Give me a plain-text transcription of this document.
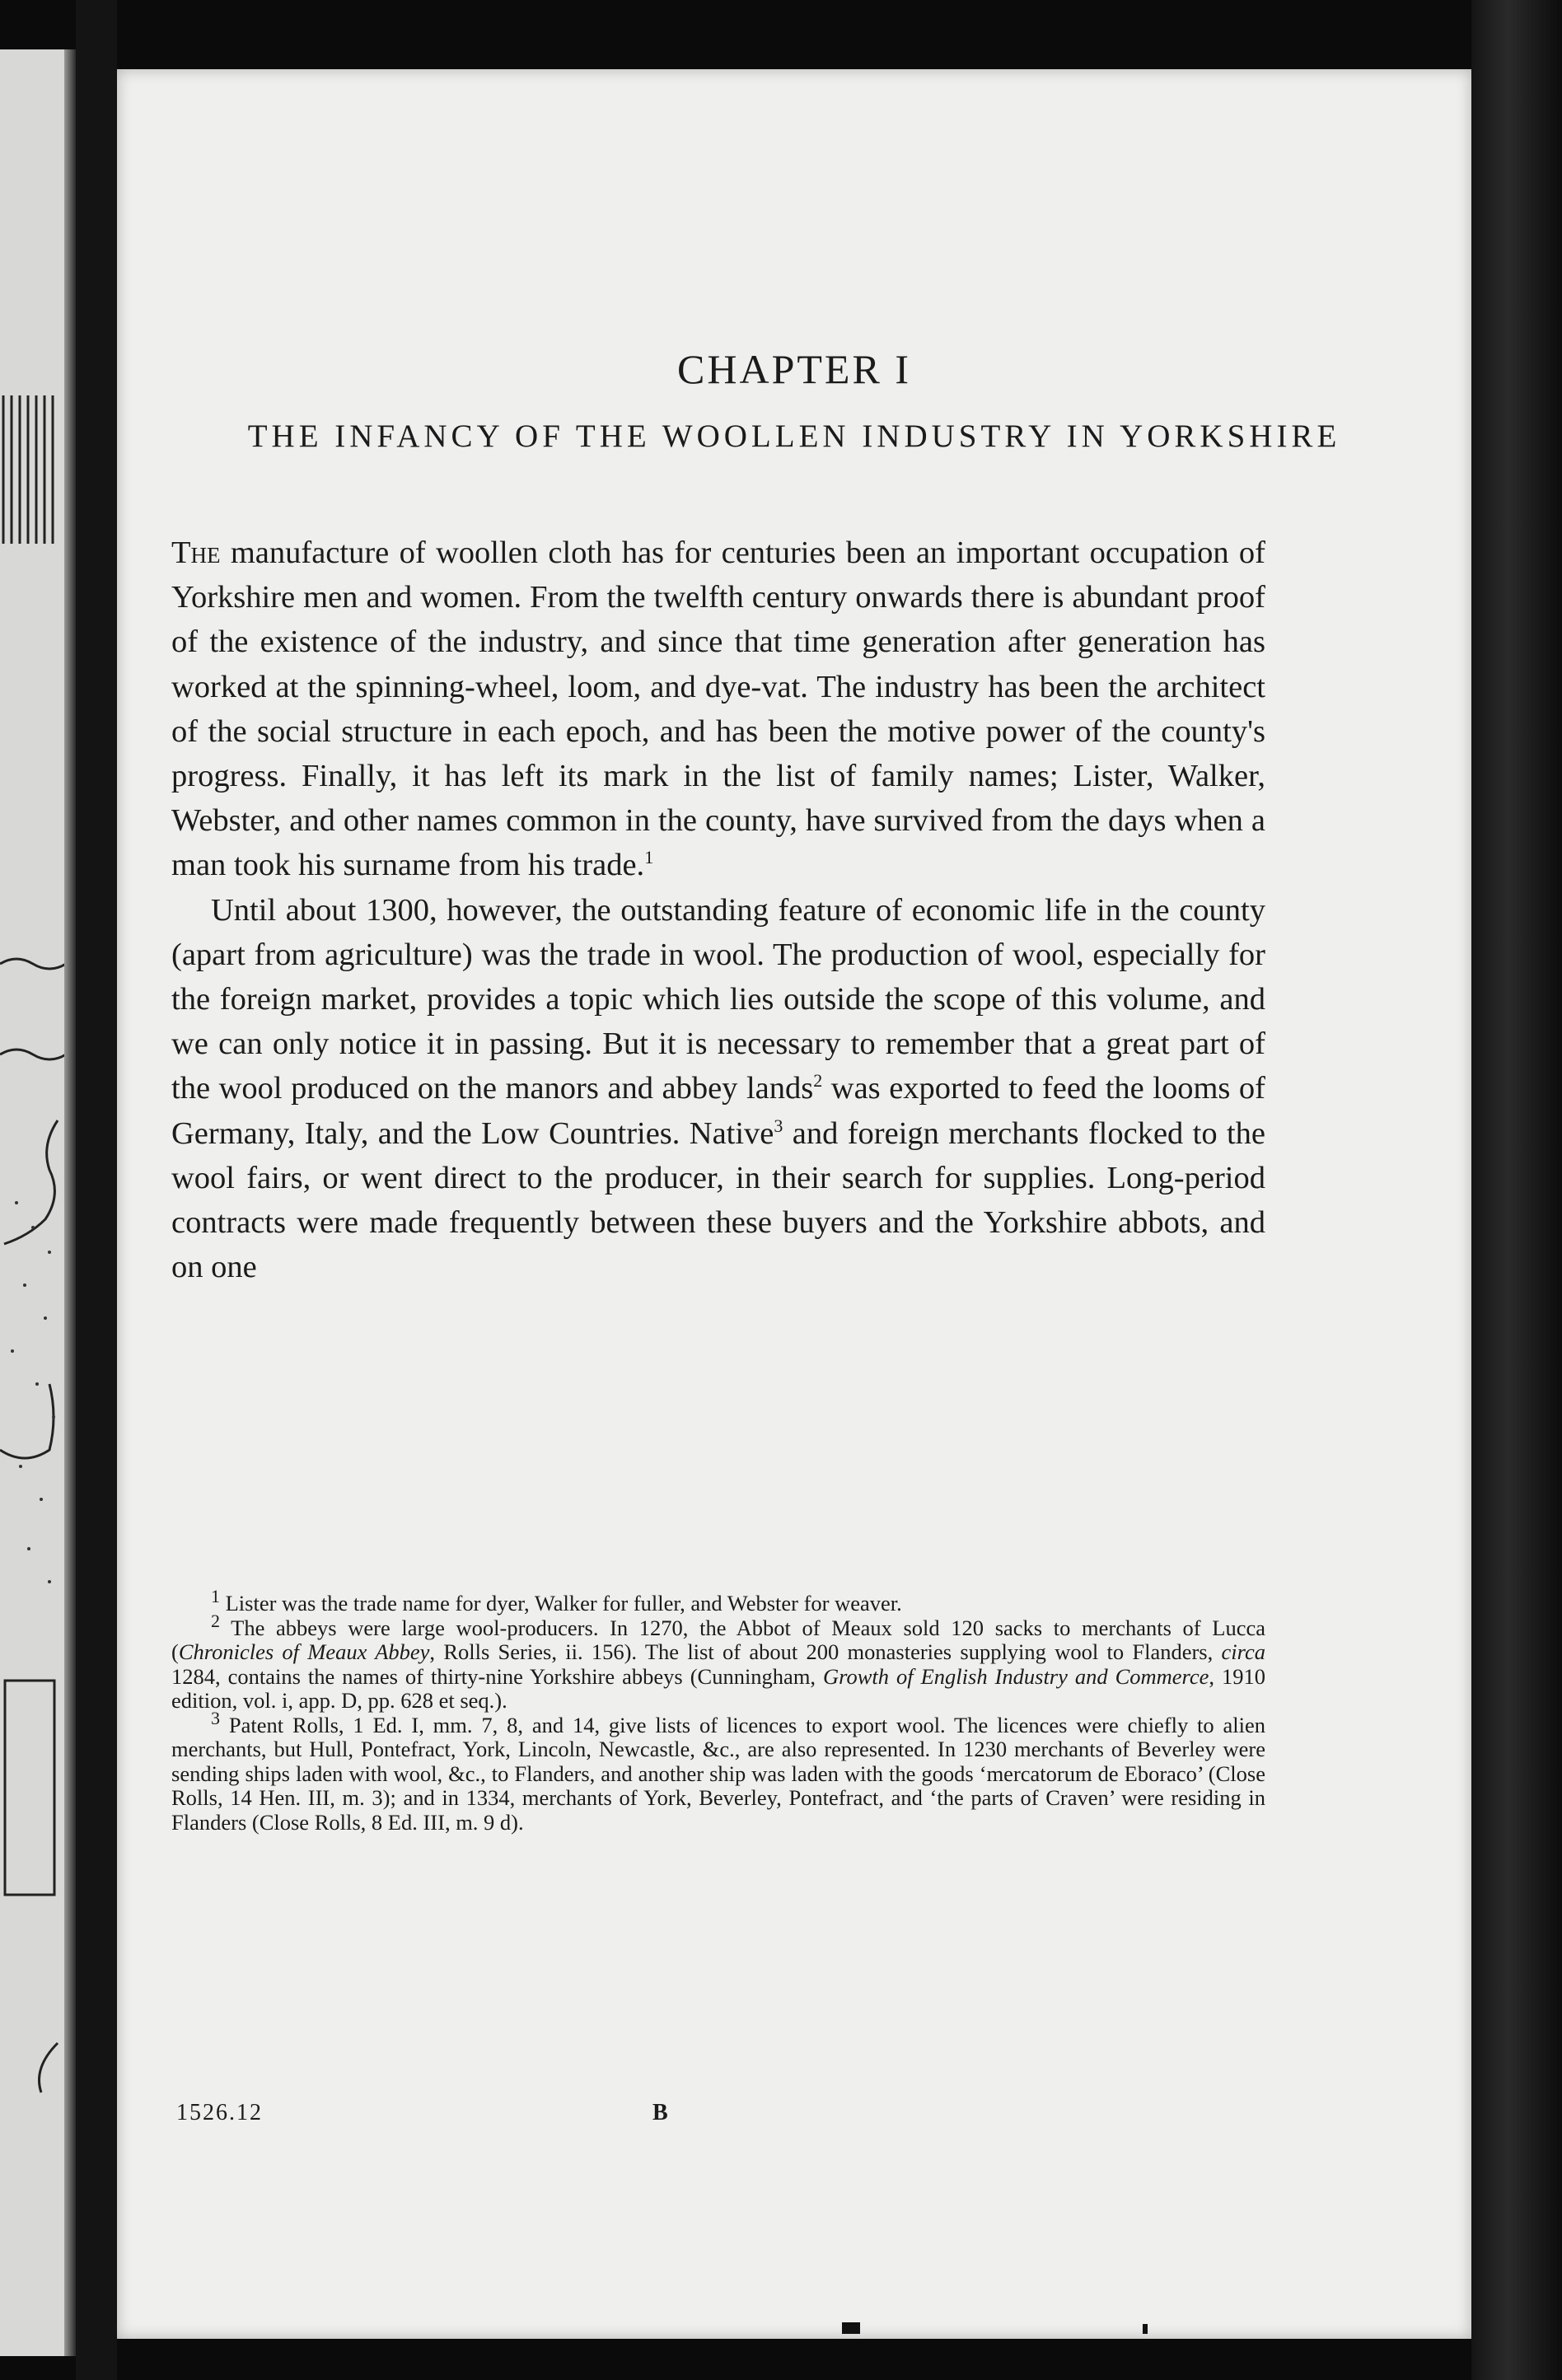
CHAPTER I
THE INFANCY OF THE WOOLLEN INDUSTRY IN YORKSHIRE

The manufacture of woollen cloth has for centuries been an important occupation of Yorkshire men and women. From the twelfth century onwards there is abundant proof of the existence of the industry, and since that time generation after generation has worked at the spinning-wheel, loom, and dye-vat. The industry has been the architect of the social structure in each epoch, and has been the motive power of the county's progress. Finally, it has left its mark in the list of family names; Lister, Walker, Webster, and other names common in the county, have survived from the days when a man took his surname from his trade.$^1$

Until about 1300, however, the outstanding feature of economic life in the county (apart from agriculture) was the trade in wool. The production of wool, especially for the foreign market, provides a topic which lies outside the scope of this volume, and we can only notice it in passing. But it is necessary to remember that a great part of the wool produced on the manors and abbey lands$^2$ was exported to feed the looms of Germany, Italy, and the Low Countries. Native$^3$ and foreign merchants flocked to the wool fairs, or went direct to the producer, in their search for supplies. Long-period contracts were made frequently between these buyers and the Yorkshire abbots, and on one

$^1$ Lister was the trade name for dyer, Walker for fuller, and Webster for weaver.

$^2$ The abbeys were large wool-producers. In 1270, the Abbot of Meaux sold 120 sacks to merchants of Lucca (Chronicles of Meaux Abbey, Rolls Series, ii. 156). The list of about 200 monasteries supplying wool to Flanders, circa 1284, contains the names of thirty-nine Yorkshire abbeys (Cunningham, Growth of English Industry and Commerce, 1910 edition, vol. i, app. D, pp. 628 et seq.).

$^3$ Patent Rolls, 1 Ed. I, mm. 7, 8, and 14, give lists of licences to export wool. The licences were chiefly to alien merchants, but Hull, Pontefract, York, Lincoln, Newcastle, &c., are also represented. In 1230 merchants of Beverley were sending ships laden with wool, &c., to Flanders, and another ship was laden with the goods ‘mercatorum de Eboraco’ (Close Rolls, 14 Hen. III, m. 3); and in 1334, merchants of York, Beverley, Pontefract, and ‘the parts of Craven’ were residing in Flanders (Close Rolls, 8 Ed. III, m. 9 d).

1526.12	B
